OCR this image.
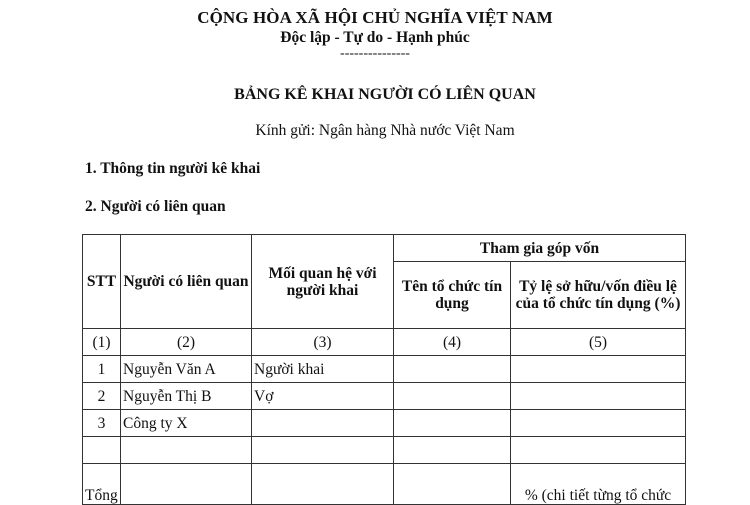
CỘNG HÒA XÃ HỘI CHỦ NGHĨA VIỆT NAM
Độc lập - Tự do - Hạnh phúc
---------------
BẢNG KÊ KHAI NGƯỜI CÓ LIÊN QUAN
Kính gửi: Ngân hàng Nhà nước Việt Nam
1. Thông tin người kê khai
2. Người có liên quan
STT	Người có liên quan	Mối quan hệ với người khai	Tham gia góp vốn	
			Tên tổ chức tín dụng	Tỷ lệ sở hữu/vốn điều lệ của tổ chức tín dụng (%)
(1)	(2)	(3)	(4)	(5)
1	Nguyễn Văn A	Người khai		
2	Nguyễn Thị B	Vợ		
3	Công ty X			

Tổng				% (chi tiết từng tổ chức
